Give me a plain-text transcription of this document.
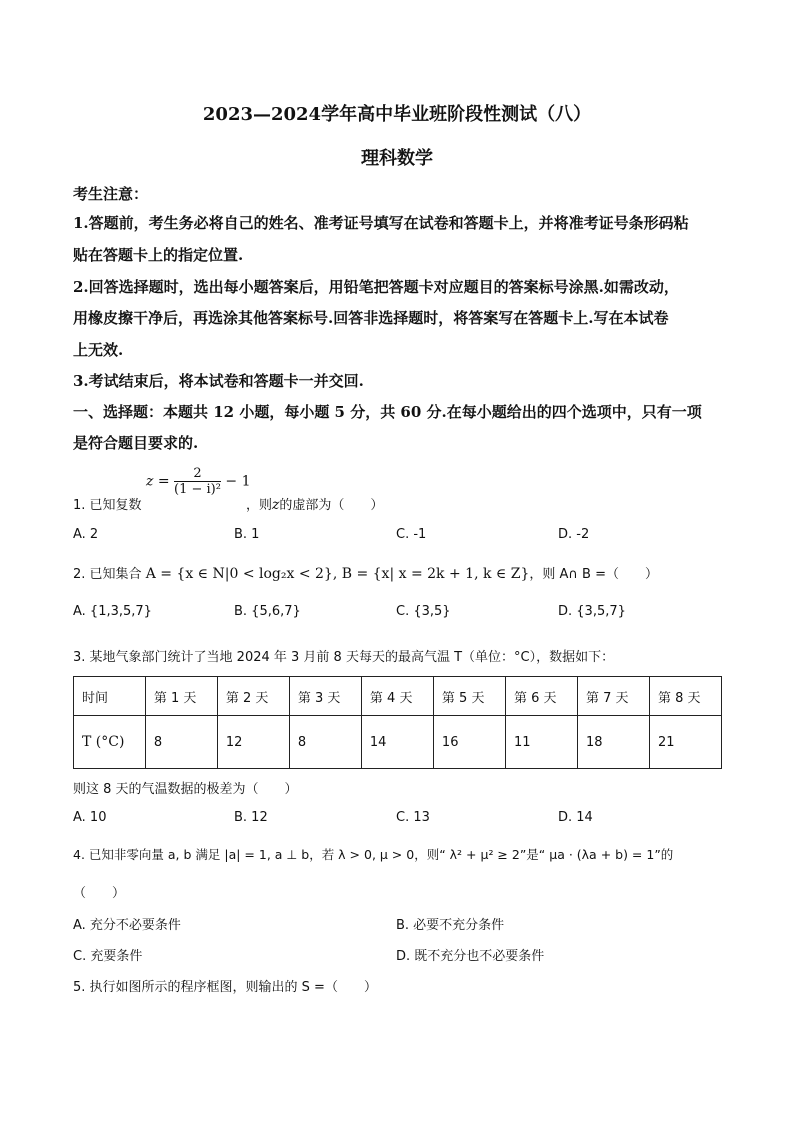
2023—2024学年高中毕业班阶段性测试（八）
理科数学
考生注意：
1.答题前，考生务必将自己的姓名、准考证号填写在试卷和答题卡上，并将准考证号条形码粘
贴在答题卡上的指定位置.
2.回答选择题时，选出每小题答案后，用铅笔把答题卡对应题目的答案标号涂黑.如需改动，
用橡皮擦干净后，再选涂其他答案标号.回答非选择题时，将答案写在答题卡上.写在本试卷
上无效.
3.考试结束后，将本试卷和答题卡一并交回.
一、选择题：本题共 12 小题，每小题 5 分，共 60 分.在每小题给出的四个选项中，只有一项
是符合题目要求的.
1. 已知复数
$z = \frac{2}{\text{(1 − i)²}} - 1$
，则z的虚部为（　　）
A. 2	B. 1	C. -1	D. -2
2. 已知集合 A = {x ∈ N|0 < log₂x < 2}, B = {x| x = 2k + 1, k ∈ Z}，则 A∩ B =（　　）
A. {1,3,5,7}	B. {5,6,7}	C. {3,5}	D. {3,5,7}
3. 某地气象部门统计了当地 2024 年 3 月前 8 天每天的最高气温 T（单位：°C），数据如下：
时间	第 1 天	第 2 天	第 3 天	第 4 天	第 5 天	第 6 天	第 7 天	第 8 天
T (°C)	8	12	8	14	16	11	18	21
则这 8 天的气温数据的极差为（　　）
A. 10	B. 12	C. 13	D. 14
4. 已知非零向量 a, b 满足 |a| = 1, a ⊥ b，若 λ > 0, μ > 0，则“ λ² + μ² ≥ 2”是“ μa · (λa + b) = 1”的
（　　）
A. 充分不必要条件	B. 必要不充分条件
C. 充要条件	D. 既不充分也不必要条件
5. 执行如图所示的程序框图，则输出的 S =（　　）
